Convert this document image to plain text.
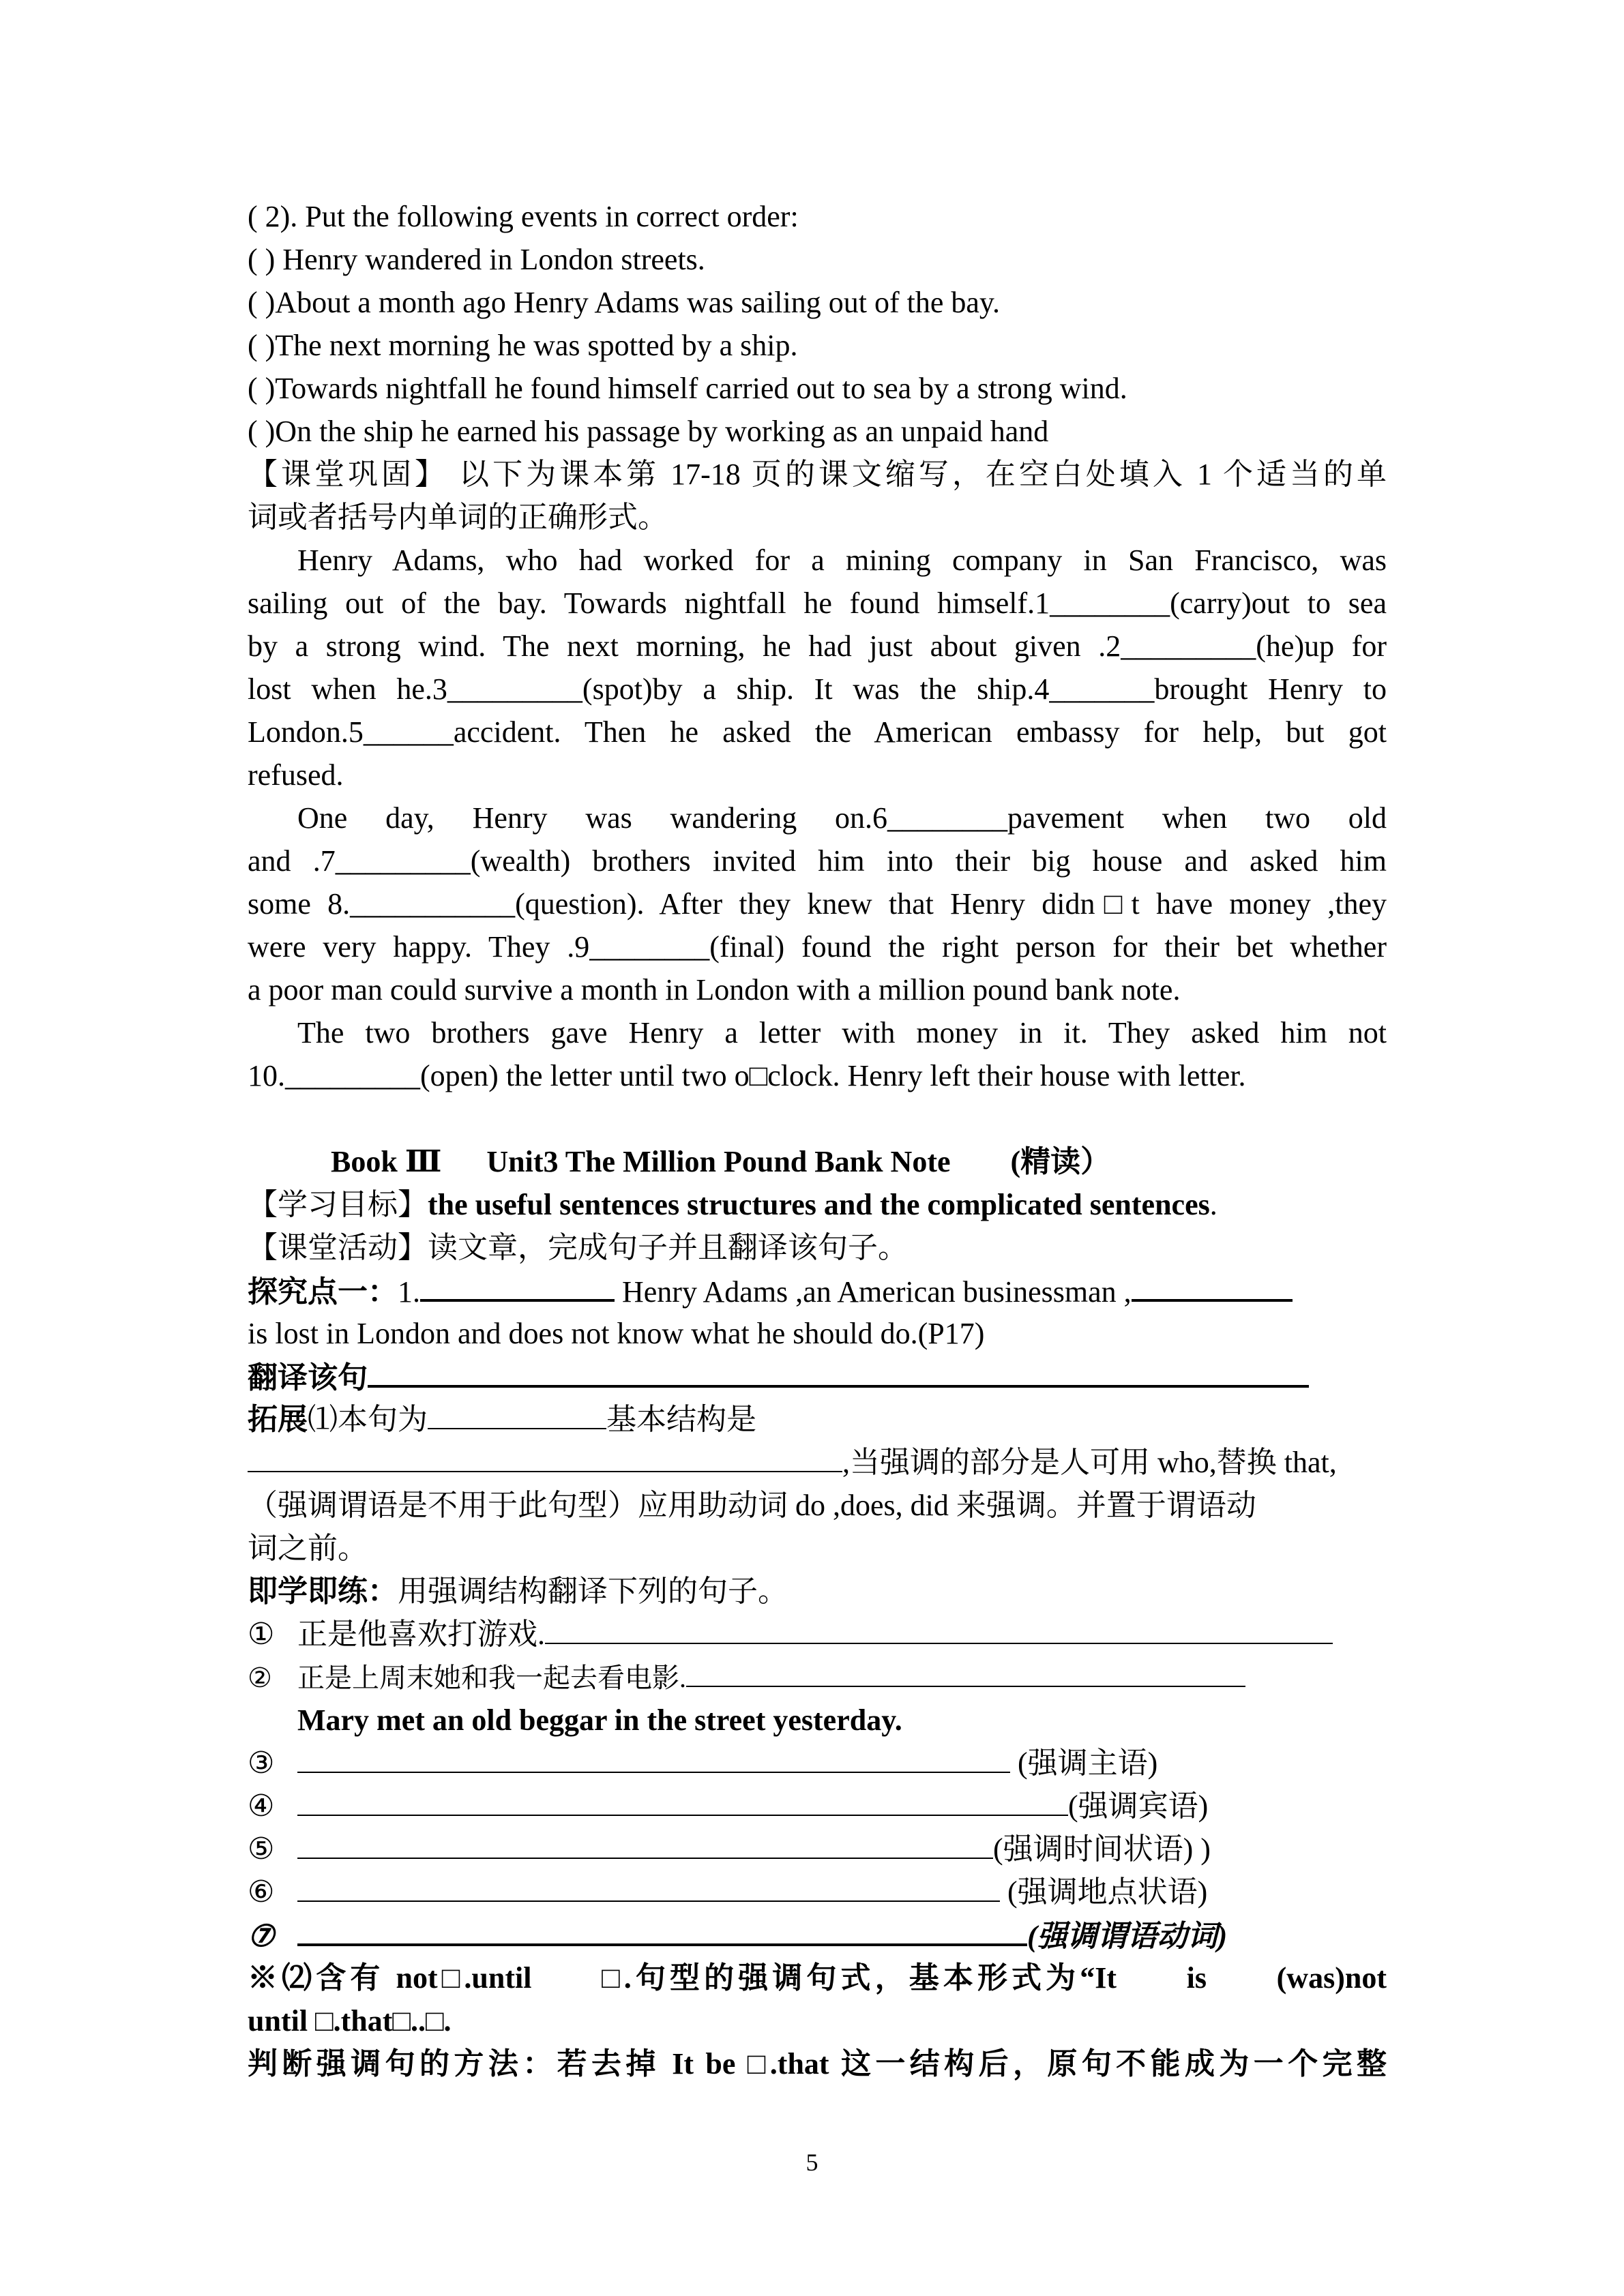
( 2). Put the following events in correct order:
( ) Henry wandered in London streets.
( )About a month ago Henry Adams was sailing out of the bay.
( )The next morning he was spotted by a ship.
( )Towards nightfall he found himself carried out to sea by a strong wind.
( )On the ship he earned his passage by working as an unpaid hand
【课堂巩固】 以下为课本第 17-18 页的课文缩写，在空白处填入 1 个适当的单
词或者括号内单词的正确形式。
Henry Adams, who had worked for a mining company in San Francisco, was
sailing out of the bay. Towards nightfall he found himself.1________(carry)out to sea
by a strong wind. The next morning, he had just about given .2_________(he)up for
lost when he.3_________(spot)by a ship. It was the ship.4_______brought Henry to
London.5______accident. Then he asked the American embassy for help, but got
refused.
One day, Henry was wandering on.6________pavement when two old
and .7_________(wealth) brothers invited him into their big house and asked him
some 8.___________(question). After they knew that Henry didn□t have money ,they
were very happy. They .9________(final) found the right person for their bet whether
a poor man could survive a month in London with a million pound bank note.
The two brothers gave Henry a letter with money in it. They asked him not
10._________(open) the letter until two o□clock. Henry left their house with letter.
Book Ⅲ      Unit3 The Million Pound Bank Note        (精读）
【学习目标】the useful sentences structures and the complicated sentences.
【课堂活动】读文章，完成句子并且翻译该句子。
探究点一：1.	Henry Adams ,an American businessman ,
is lost in London and does not know what he should do.(P17)
翻译该句
拓展⑴本句为	基本结构是
,当强调的部分是人可用 who,替换 that,
（强调谓语是不用于此句型）应用助动词 do ,does, did 来强调。并置于谓语动
词之前。
即学即练：用强调结构翻译下列的句子。
① 正是他喜欢打游戏.
② 正是上周末她和我一起去看电影.
Mary met an old beggar in the street yesterday.
③	(强调主语)
④	(强调宾语)
⑤	(强调时间状语) )
⑥	(强调地点状语)
⑦	(强调谓语动词)
※⑵含有 not□.until      □.句型的强调句式，基本形式为“It      is      (was)not
until □.that□..□.
判断强调句的方法：若去掉 It be □.that 这一结构后，原句不能成为一个完整
5
